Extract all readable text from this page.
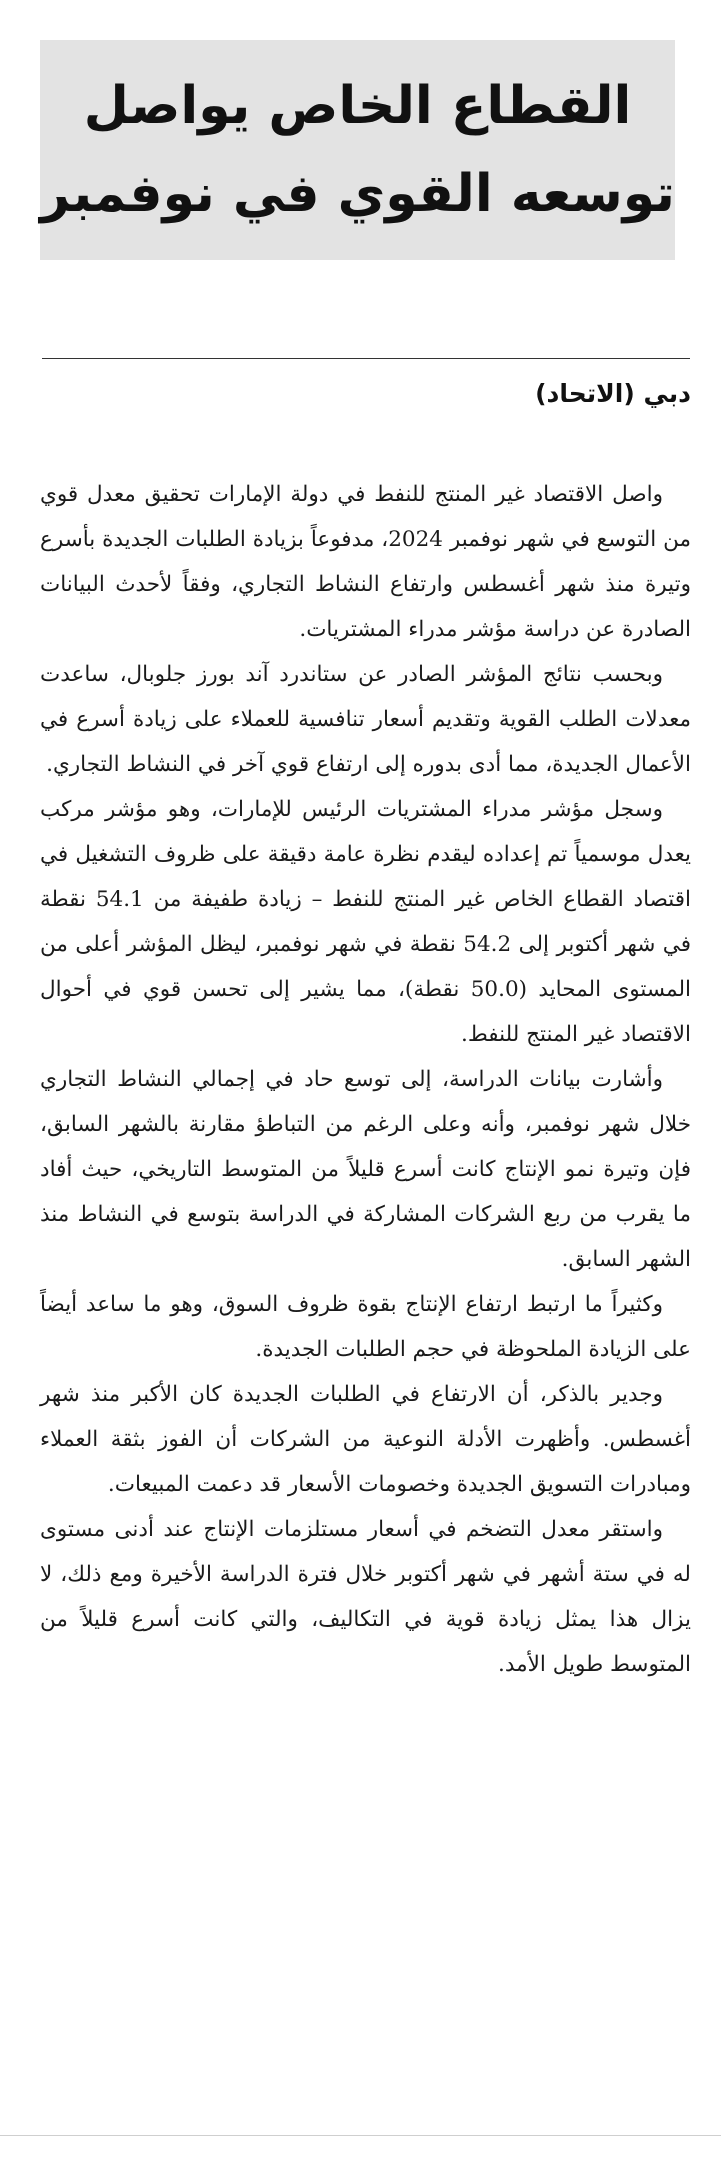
القطاع الخاص يواصل
توسعه القوي في نوفمبر
دبي (الاتحاد)

واصل الاقتصاد غير المنتج للنفط في دولة الإمارات تحقيق معدل قوي من التوسع في شهر نوفمبر 2024، مدفوعاً بزيادة الطلبات الجديدة بأسرع وتيرة منذ شهر أغسطس وارتفاع النشاط التجاري، وفقاً لأحدث البيانات الصادرة عن دراسة مؤشر مدراء المشتريات.

وبحسب نتائج المؤشر الصادر عن ستاندرد آند بورز جلوبال، ساعدت معدلات الطلب القوية وتقديم أسعار تنافسية للعملاء على زيادة أسرع في الأعمال الجديدة، مما أدى بدوره إلى ارتفاع قوي آخر في النشاط التجاري.

وسجل مؤشر مدراء المشتريات الرئيس للإمارات، وهو مؤشر مركب يعدل موسمياً تم إعداده ليقدم نظرة عامة دقيقة على ظروف التشغيل في اقتصاد القطاع الخاص غير المنتج للنفط – زيادة طفيفة من 54.1 نقطة في شهر أكتوبر إلى 54.2 نقطة في شهر نوفمبر، ليظل المؤشر أعلى من المستوى المحايد (50.0 نقطة)، مما يشير إلى تحسن قوي في أحوال الاقتصاد غير المنتج للنفط.

وأشارت بيانات الدراسة، إلى توسع حاد في إجمالي النشاط التجاري خلال شهر نوفمبر، وأنه وعلى الرغم من التباطؤ مقارنة بالشهر السابق، فإن وتيرة نمو الإنتاج كانت أسرع قليلاً من المتوسط التاريخي، حيث أفاد ما يقرب من ربع الشركات المشاركة في الدراسة بتوسع في النشاط منذ الشهر السابق.

وكثيراً ما ارتبط ارتفاع الإنتاج بقوة ظروف السوق، وهو ما ساعد أيضاً على الزيادة الملحوظة في حجم الطلبات الجديدة.

وجدير بالذكر، أن الارتفاع في الطلبات الجديدة كان الأكبر منذ شهر أغسطس. وأظهرت الأدلة النوعية من الشركات أن الفوز بثقة العملاء ومبادرات التسويق الجديدة وخصومات الأسعار قد دعمت المبيعات.

واستقر معدل التضخم في أسعار مستلزمات الإنتاج عند أدنى مستوى له في ستة أشهر في شهر أكتوبر خلال فترة الدراسة الأخيرة ومع ذلك، لا يزال هذا يمثل زيادة قوية في التكاليف، والتي كانت أسرع قليلاً من المتوسط طويل الأمد.
